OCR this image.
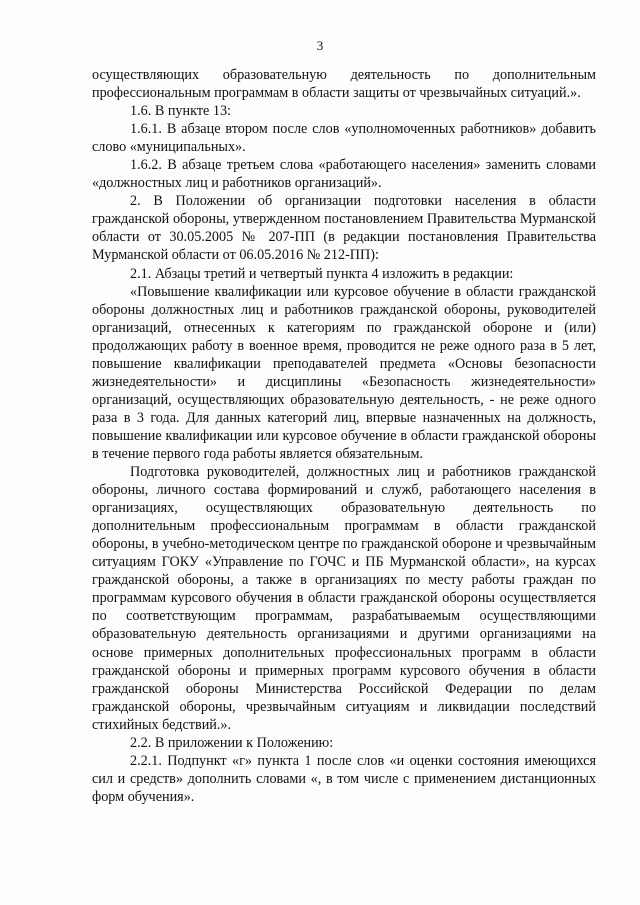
3

осуществляющих образовательную деятельность по дополнительным профессиональным программам в области защиты от чрезвычайных ситуаций.».

1.6. В пункте 13:

1.6.1. В абзаце втором после слов «уполномоченных работников» добавить слово «муниципальных».

1.6.2. В абзаце третьем слова «работающего населения» заменить словами «должностных лиц и работников организаций».

2. В Положении об организации подготовки населения в области гражданской обороны, утвержденном постановлением Правительства Мурманской области от 30.05.2005 № 207-ПП (в редакции постановления Правительства Мурманской области от 06.05.2016 № 212-ПП):

2.1. Абзацы третий и четвертый пункта 4 изложить в редакции:

«Повышение квалификации или курсовое обучение в области гражданской обороны должностных лиц и работников гражданской обороны, руководителей организаций, отнесенных к категориям по гражданской обороне и (или) продолжающих работу в военное время, проводится не реже одного раза в 5 лет, повышение квалификации преподавателей предмета «Основы безопасности жизнедеятельности» и дисциплины «Безопасность жизнедеятельности» организаций, осуществляющих образовательную деятельность, - не реже одного раза в 3 года. Для данных категорий лиц, впервые назначенных на должность, повышение квалификации или курсовое обучение в области гражданской обороны в течение первого года работы является обязательным.

Подготовка руководителей, должностных лиц и работников гражданской обороны, личного состава формирований и служб, работающего населения в организациях, осуществляющих образовательную деятельность по дополнительным профессиональным программам в области гражданской обороны, в учебно-методическом центре по гражданской обороне и чрезвычайным ситуациям ГОКУ «Управление по ГОЧС и ПБ Мурманской области», на курсах гражданской обороны, а также в организациях по месту работы граждан по программам курсового обучения в области гражданской обороны осуществляется по соответствующим программам, разрабатываемым осуществляющими образовательную деятельность организациями и другими организациями на основе примерных дополнительных профессиональных программ в области гражданской обороны и примерных программ курсового обучения в области гражданской обороны Министерства Российской Федерации по делам гражданской обороны, чрезвычайным ситуациям и ликвидации последствий стихийных бедствий.».

2.2. В приложении к Положению:

2.2.1. Подпункт «г» пункта 1 после слов «и оценки состояния имеющихся сил и средств» дополнить словами «, в том числе с применением дистанционных форм обучения».
